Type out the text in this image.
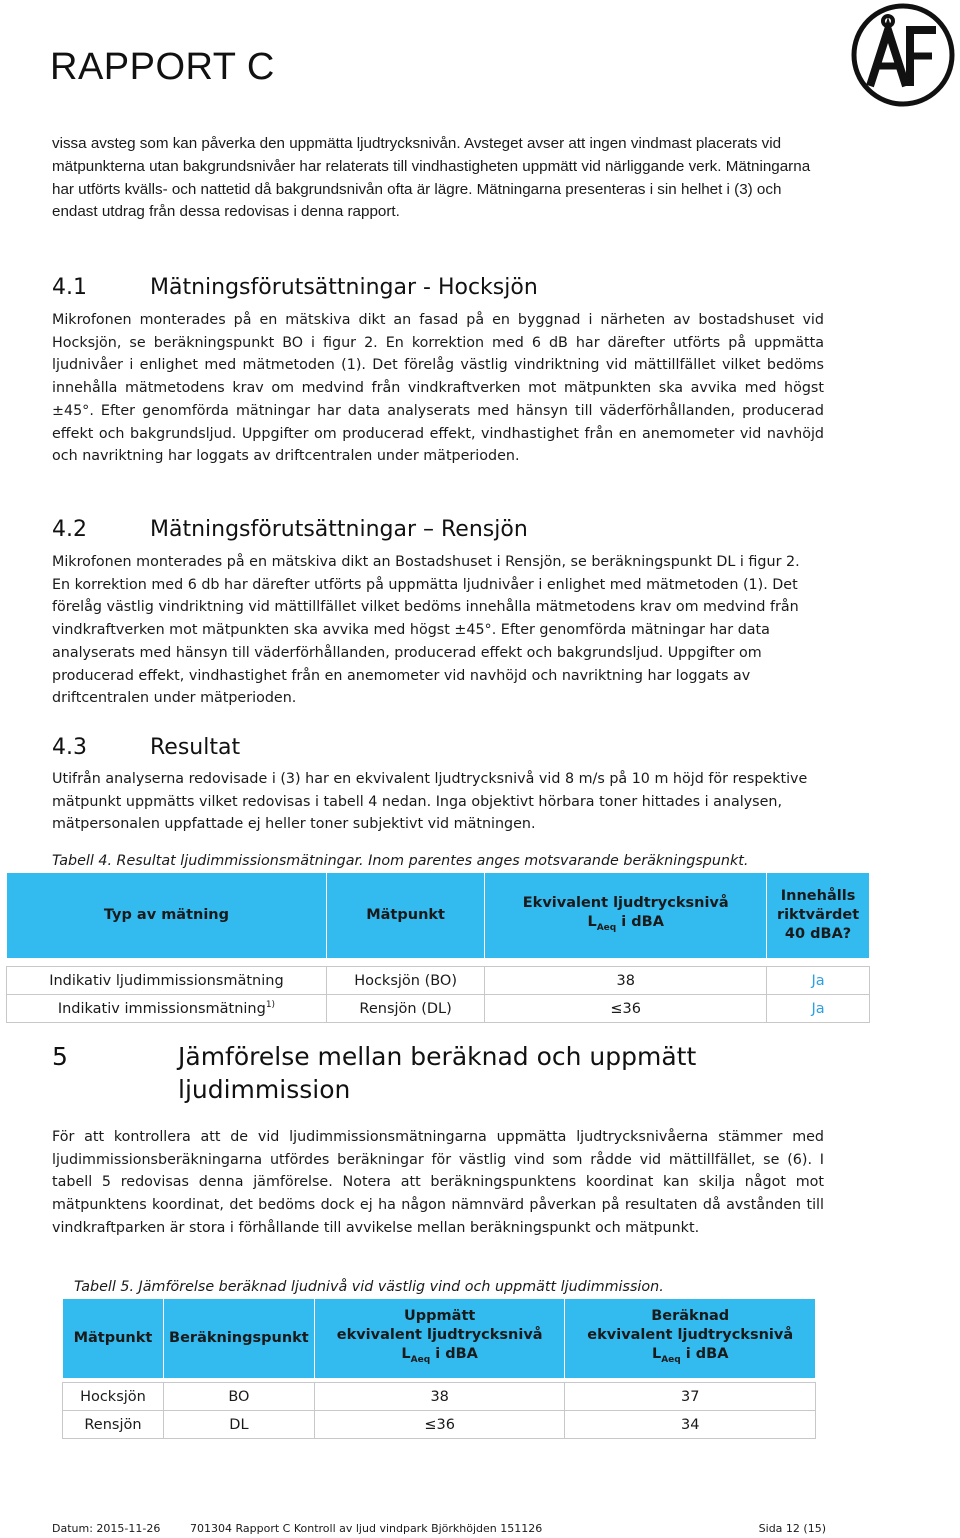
RAPPORT C

vissa avsteg som kan påverka den uppmätta ljudtrycksnivån. Avsteget avser att ingen vindmast placerats vid mätpunkterna utan bakgrundsnivåer har relaterats till vindhastigheten uppmätt vid närliggande verk. Mätningarna har utförts kvälls- och nattetid då bakgrundsnivån ofta är lägre. Mätningarna presenteras i sin helhet i (3) och endast utdrag från dessa redovisas i denna rapport.

4.1	Mätningsförutsättningar - Hocksjön

Mikrofonen monterades på en mätskiva dikt an fasad på en byggnad i närheten av bostadshuset vid Hocksjön, se beräkningspunkt BO i figur 2. En korrektion med 6 dB har därefter utförts på uppmätta ljudnivåer i enlighet med mätmetoden (1). Det förelåg västlig vindriktning vid mättillfället vilket bedöms innehålla mätmetodens krav om medvind från vindkraftverken mot mätpunkten ska avvika med högst ±45°. Efter genomförda mätningar har data analyserats med hänsyn till väderförhållanden, producerad effekt och bakgrundsljud. Uppgifter om producerad effekt, vindhastighet från en anemometer vid navhöjd och navriktning har loggats av driftcentralen under mätperioden.

4.2	Mätningsförutsättningar – Rensjön

Mikrofonen monterades på en mätskiva dikt an Bostadshuset i Rensjön, se beräkningspunkt DL i figur 2. En korrektion med 6 db har därefter utförts på uppmätta ljudnivåer i enlighet med mätmetoden (1). Det förelåg västlig vindriktning vid mättillfället vilket bedöms innehålla mätmetodens krav om medvind från vindkraftverken mot mätpunkten ska avvika med högst ±45°. Efter genomförda mätningar har data analyserats med hänsyn till väderförhållanden, producerad effekt och bakgrundsljud. Uppgifter om producerad effekt, vindhastighet från en anemometer vid navhöjd och navriktning har loggats av driftcentralen under mätperioden.

4.3	Resultat

Utifrån analyserna redovisade i (3) har en ekvivalent ljudtrycksnivå vid 8 m/s på 10 m höjd för respektive mätpunkt uppmätts vilket redovisas i tabell 4 nedan. Inga objektivt hörbara toner hittades i analysen, mätpersonalen uppfattade ej heller toner subjektivt vid mätningen.

Tabell 4. Resultat ljudimmissionsmätningar. Inom parentes anges motsvarande beräkningspunkt.

Typ av mätning	Mätpunkt	Ekvivalent ljudtrycksnivå
$L_{Aeq}$ i dBA	Innehålls riktvärdet 40 dBA?

Indikativ ljudimmissionsmätning	Hocksjön (BO)	38	Ja
Indikativ immissionsmätning$^{1)}$	Rensjön (DL)	≤36	Ja
5	Jämförelse mellan beräknad och uppmätt ljudimmission

För att kontrollera att de vid ljudimmissionsmätningarna uppmätta ljudtrycksnivåerna stämmer med ljudimmissionsberäkningarna utfördes beräkningar för västlig vind som rådde vid mättillfället, se (6). I tabell 5 redovisas denna jämförelse. Notera att beräkningspunktens koordinat kan skilja något mot mätpunktens koordinat, det bedöms dock ej ha någon nämnvärd påverkan på resultaten då avstånden till vindkraftparken är stora i förhållande till avvikelse mellan beräkningspunkt och mätpunkt.

Tabell 5. Jämförelse beräknad ljudnivå vid västlig vind och uppmätt ljudimmission.

Mätpunkt	Beräkningspunkt	Uppmätt
ekvivalent ljudtrycksnivå
$L_{Aeq}$ i dBA	Beräknad
ekvivalent ljudtrycksnivå
$L_{Aeq}$ i dBA

Hocksjön	BO	38	37
Rensjön	DL	≤36	34
Datum: 2015-11-26	701304 Rapport C Kontroll av ljud vindpark Björkhöjden 151126	Sida 12 (15)
